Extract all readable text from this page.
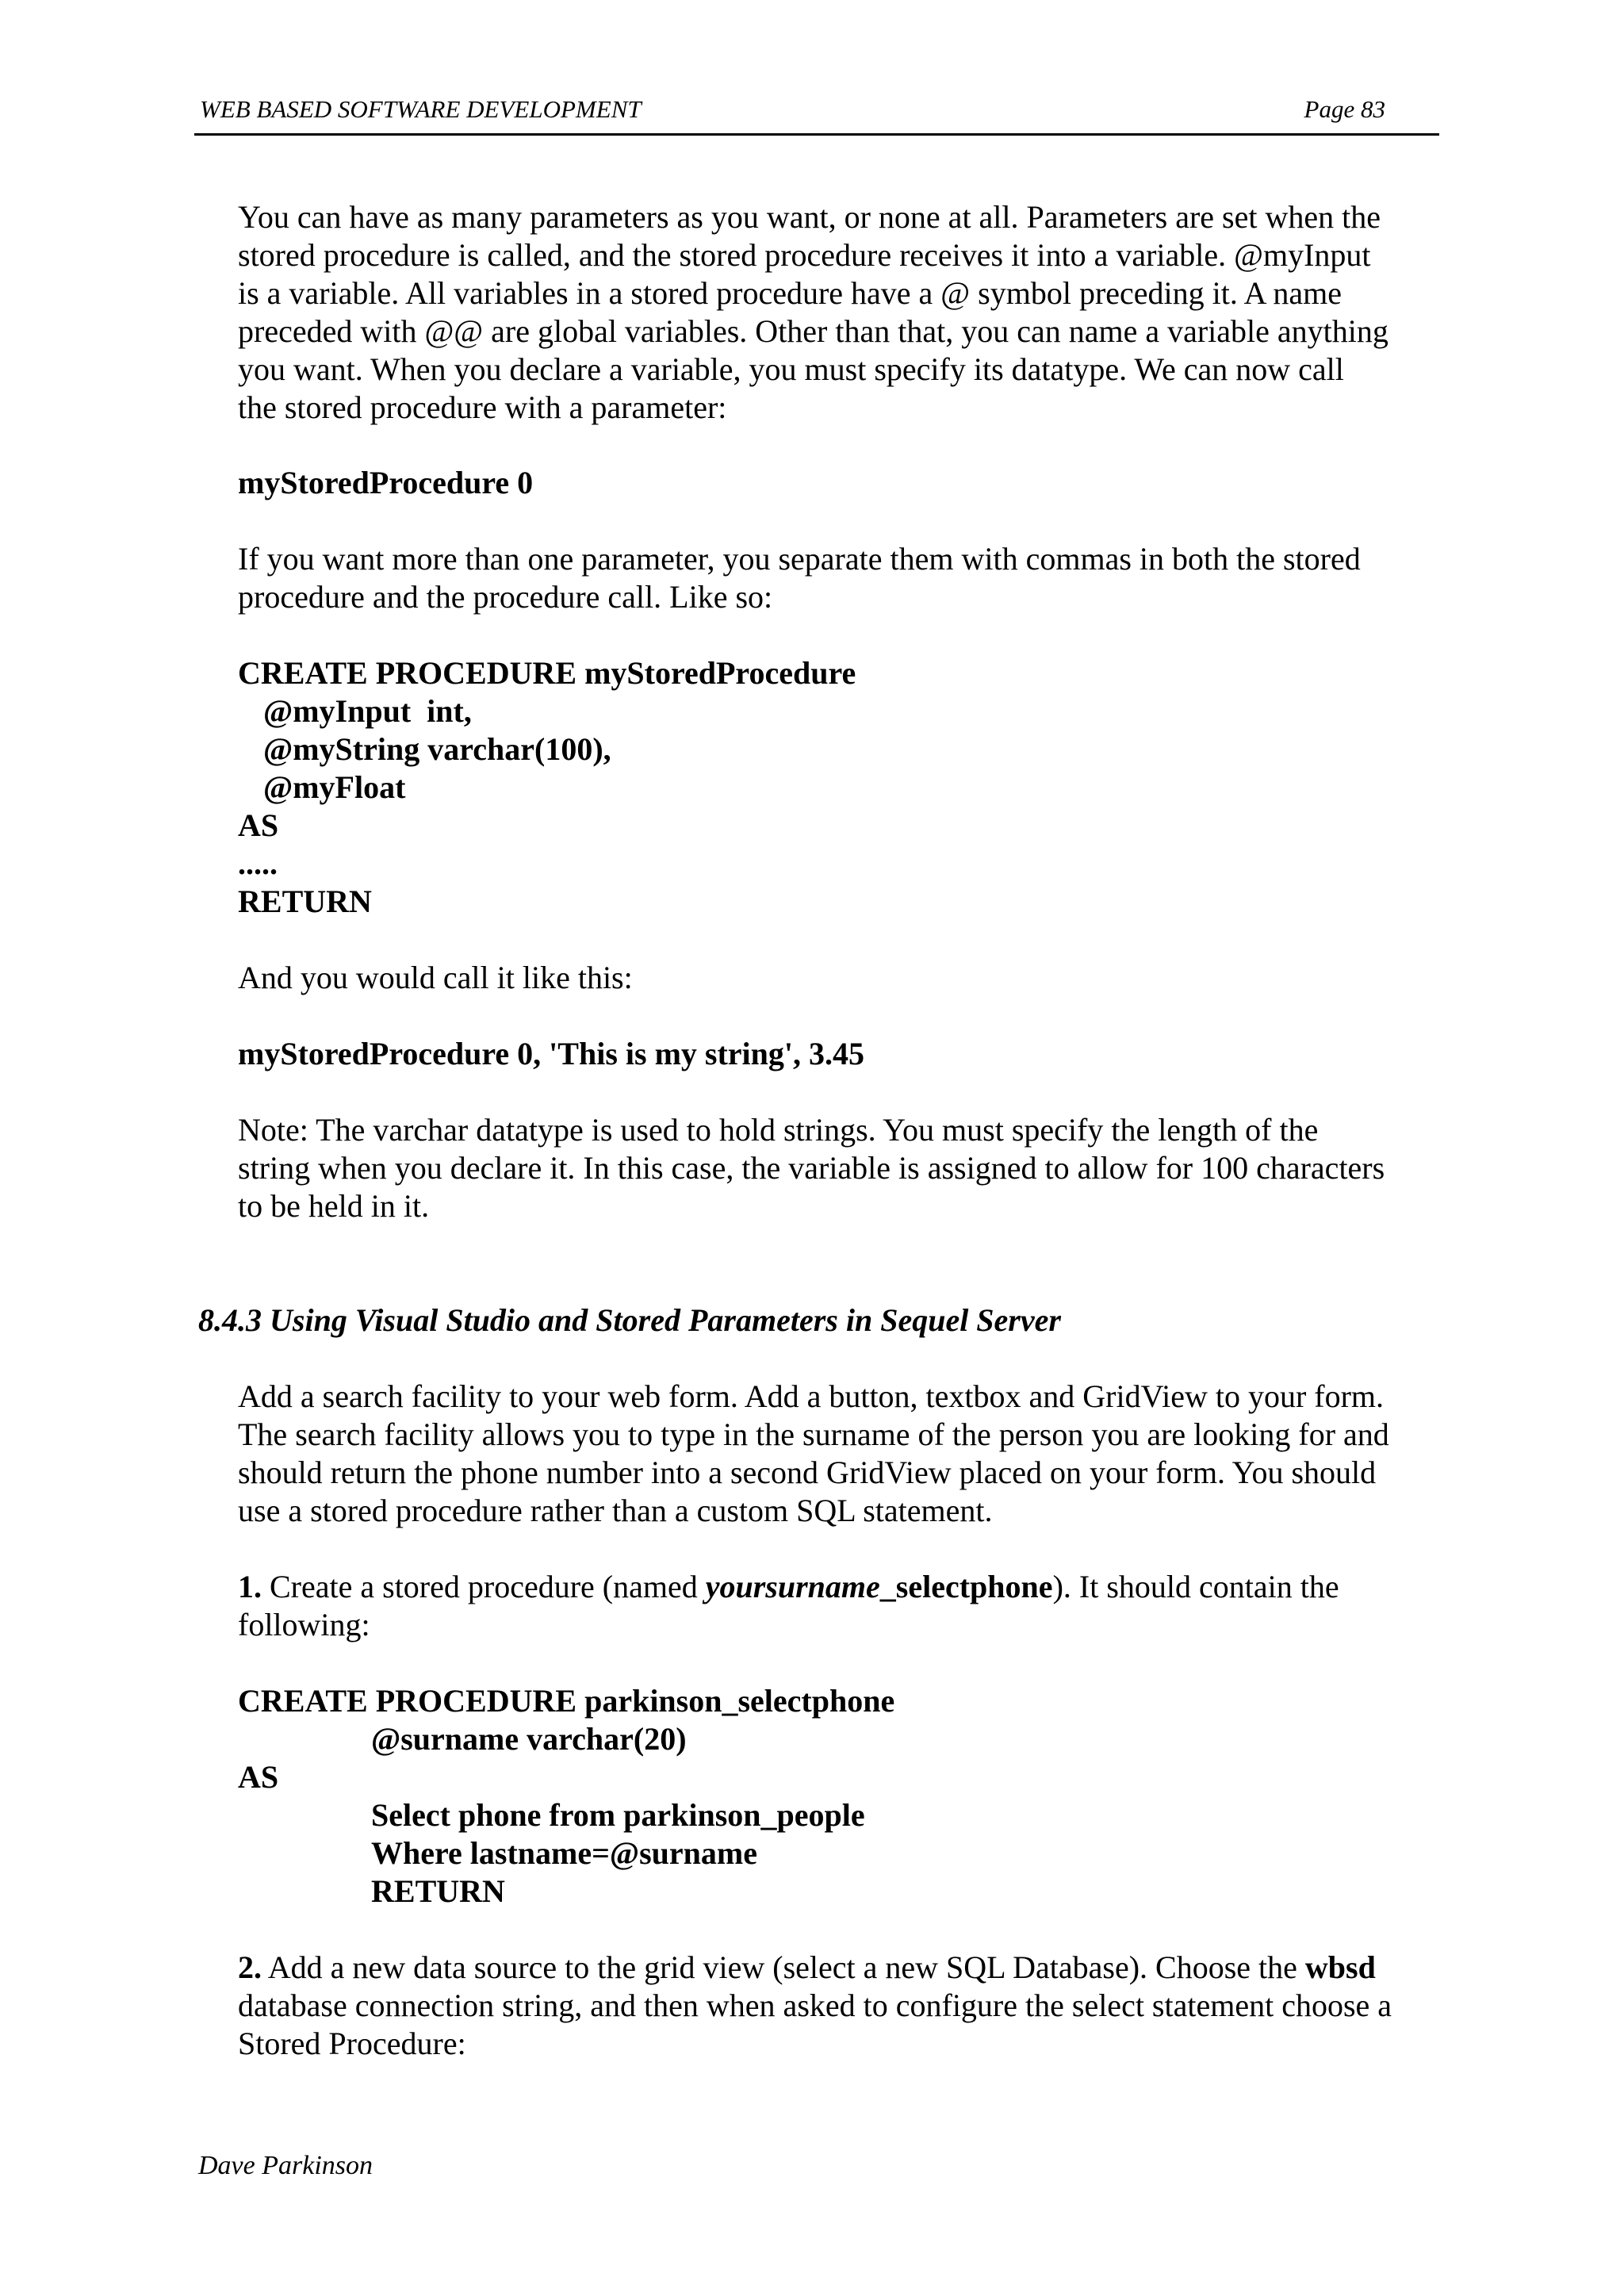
WEB BASED SOFTWARE DEVELOPMENT	Page 83
You can have as many parameters as you want, or none at all. Parameters are set when the
stored procedure is called, and the stored procedure receives it into a variable. @myInput
is a variable. All variables in a stored procedure have a @ symbol preceding it. A name
preceded with @@ are global variables. Other than that, you can name a variable anything
you want. When you declare a variable, you must specify its datatype. We can now call
the stored procedure with a parameter:
myStoredProcedure 0
If you want more than one parameter, you separate them with commas in both the stored
procedure and the procedure call. Like so:
CREATE PROCEDURE myStoredProcedure
@myInput  int,
@myString varchar(100),
@myFloat
AS
.....
RETURN
And you would call it like this:
myStoredProcedure 0, 'This is my string', 3.45
Note: The varchar datatype is used to hold strings. You must specify the length of the
string when you declare it. In this case, the variable is assigned to allow for 100 characters
to be held in it.
8.4.3 Using Visual Studio and Stored Parameters in Sequel Server
Add a search facility to your web form. Add a button, textbox and GridView to your form.
The search facility allows you to type in the surname of the person you are looking for and
should return the phone number into a second GridView placed on your form. You should
use a stored procedure rather than a custom SQL statement.
1. Create a stored procedure (named yoursurname_selectphone). It should contain the
following:
CREATE PROCEDURE parkinson_selectphone
@surname varchar(20)
AS
Select phone from parkinson_people
Where lastname=@surname
RETURN
2. Add a new data source to the grid view (select a new SQL Database). Choose the wbsd
database connection string, and then when asked to configure the select statement choose a
Stored Procedure:
Dave Parkinson
